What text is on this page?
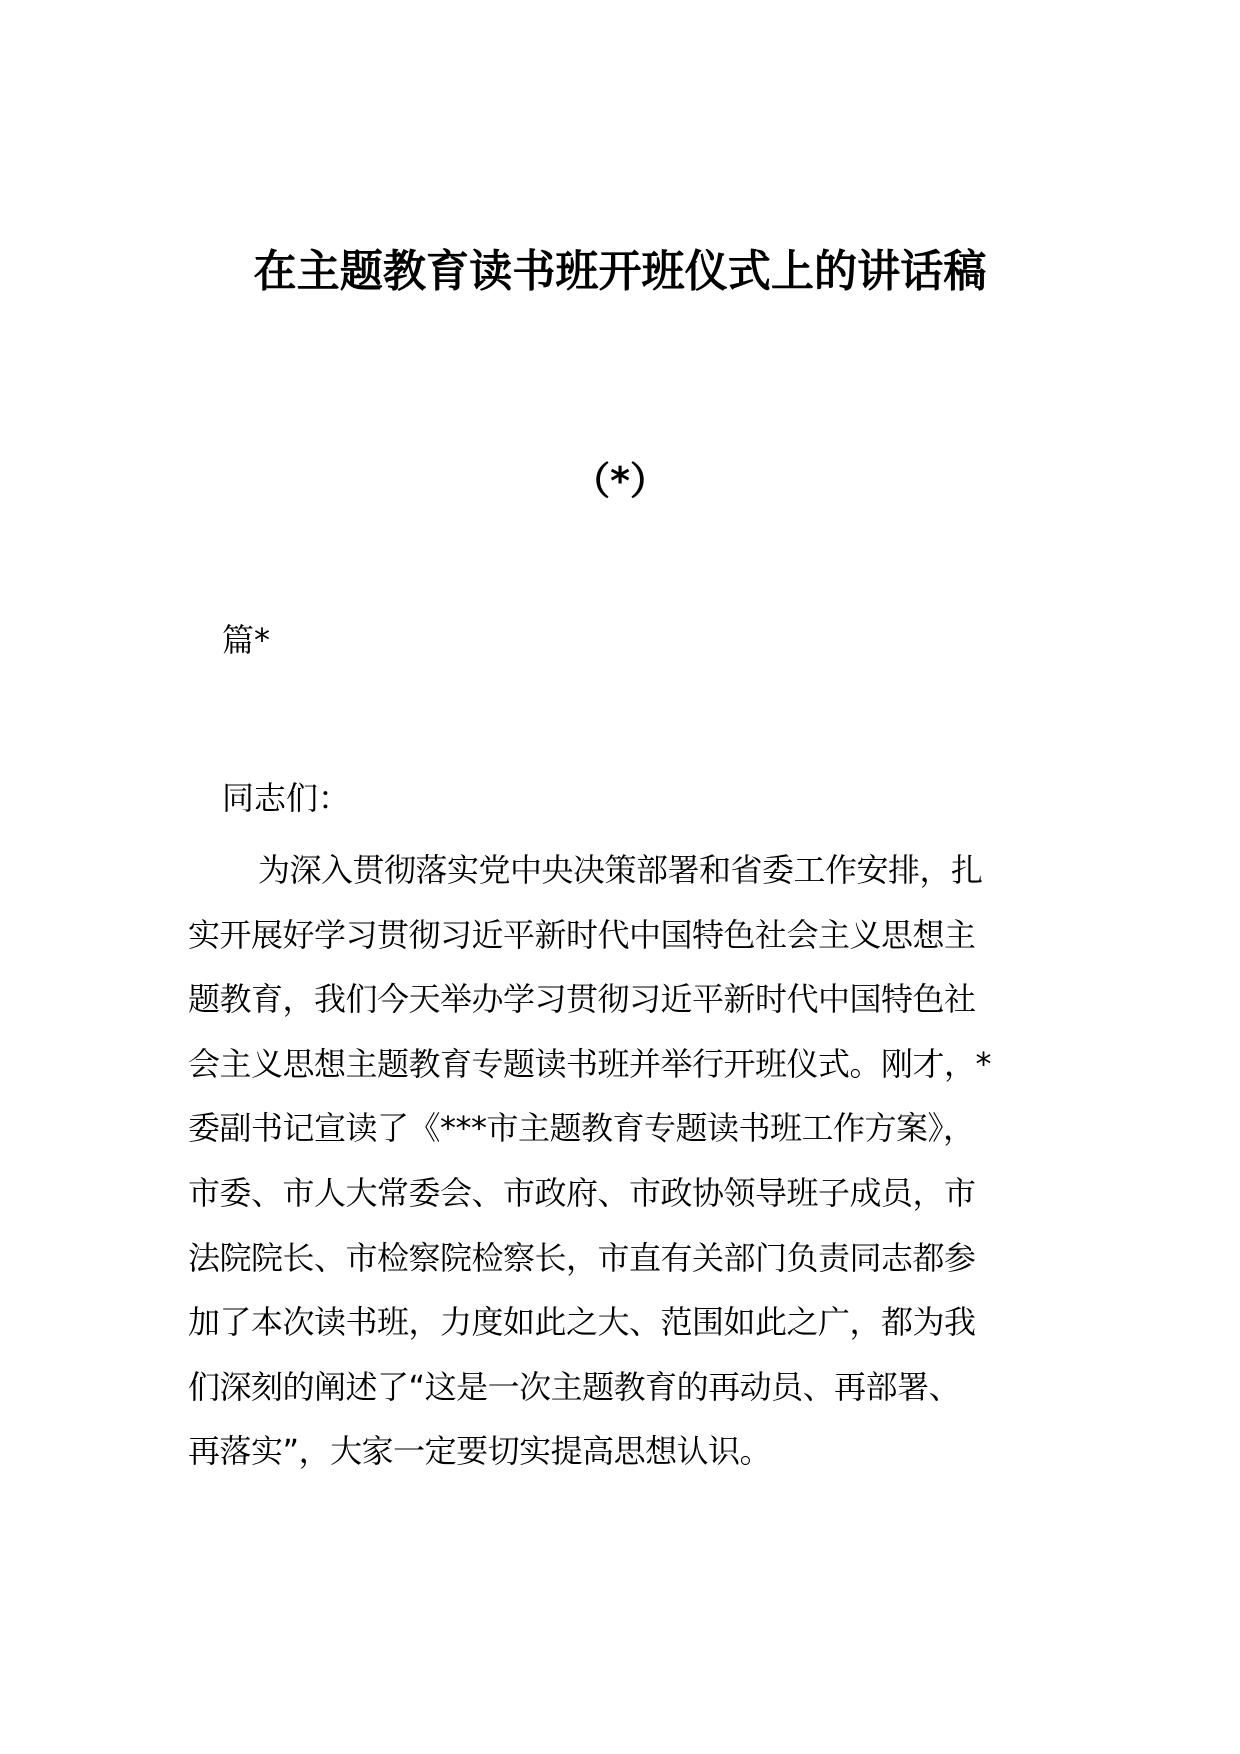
在主题教育读书班开班仪式上的讲话稿
（*）
篇*
同志们：
为深入贯彻落实党中央决策部署和省委工作安排，扎
实开展好学习贯彻习近平新时代中国特色社会主义思想主
题教育，我们今天举办学习贯彻习近平新时代中国特色社
会主义思想主题教育专题读书班并举行开班仪式。刚才，*
委副书记宣读了《***市主题教育专题读书班工作方案》，
市委、市人大常委会、市政府、市政协领导班子成员，市
法院院长、市检察院检察长，市直有关部门负责同志都参
加了本次读书班，力度如此之大、范围如此之广，都为我
们深刻的阐述了“这是一次主题教育的再动员、再部署、
再落实”，大家一定要切实提高思想认识。
